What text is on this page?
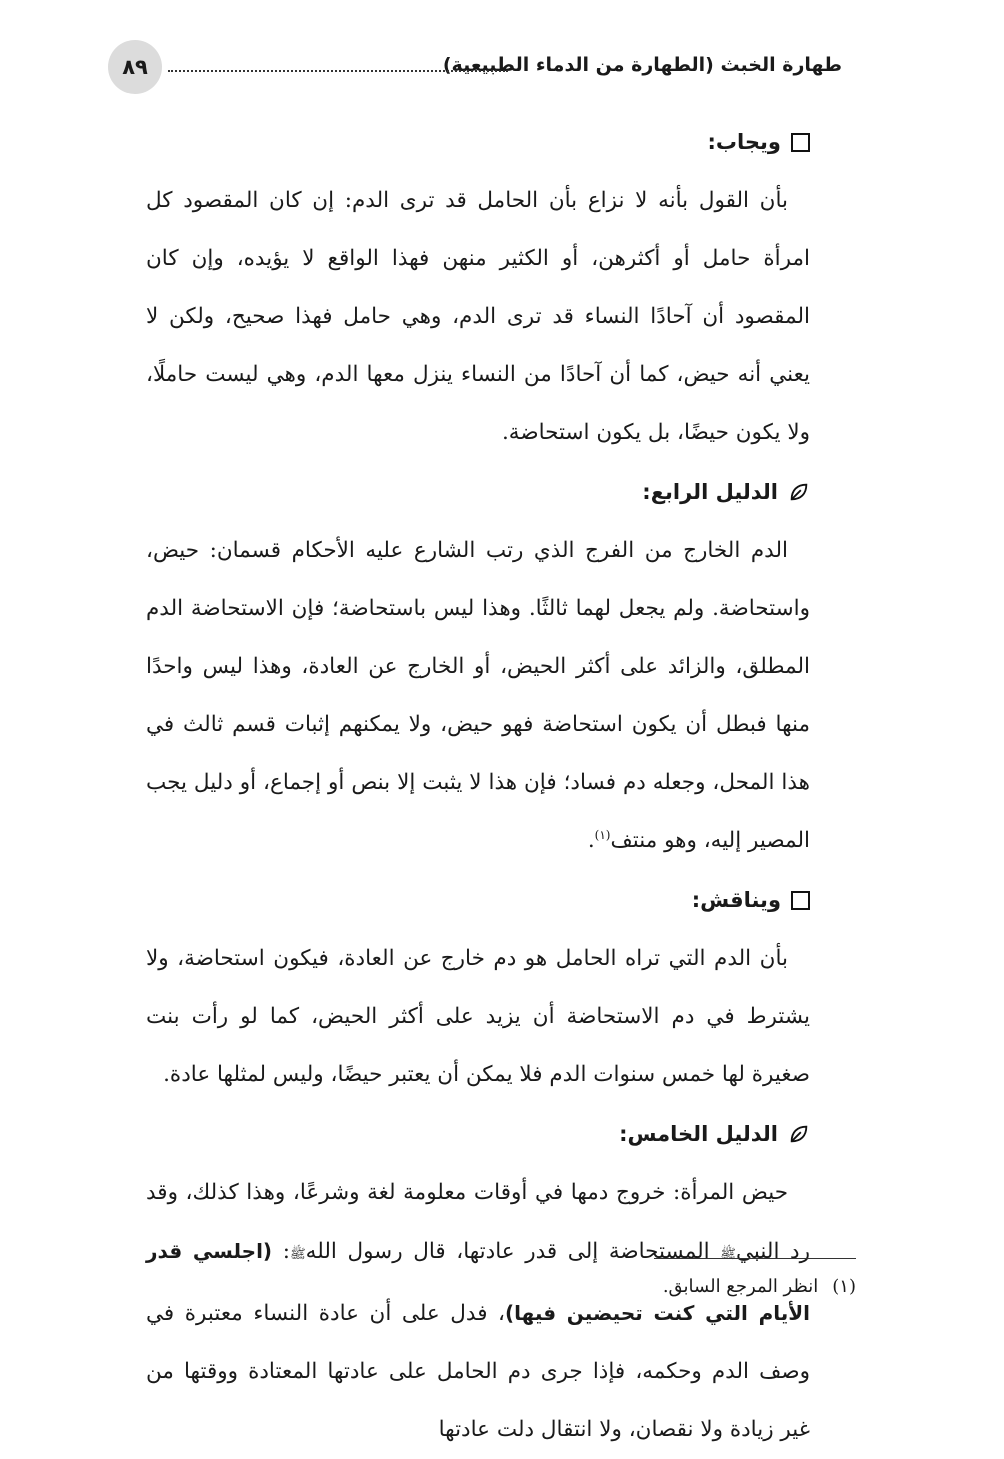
طهارة الخبث (الطهارة من الدماء الطبيعية)
٨٩
ويجاب:

بأن القول بأنه لا نزاع بأن الحامل قد ترى الدم: إن كان المقصود كل امرأة حامل أو أكثرهن، أو الكثير منهن فهذا الواقع لا يؤيده، وإن كان المقصود أن آحادًا النساء قد ترى الدم، وهي حامل فهذا صحيح، ولكن لا يعني أنه حيض، كما أن آحادًا من النساء ينزل معها الدم، وهي ليست حاملًا، ولا يكون حيضًا، بل يكون استحاضة.

الدليل الرابع:

الدم الخارج من الفرج الذي رتب الشارع عليه الأحكام قسمان: حيض، واستحاضة. ولم يجعل لهما ثالثًا. وهذا ليس باستحاضة؛ فإن الاستحاضة الدم المطلق، والزائد على أكثر الحيض، أو الخارج عن العادة، وهذا ليس واحدًا منها فبطل أن يكون استحاضة فهو حيض، ولا يمكنهم إثبات قسم ثالث في هذا المحل، وجعله دم فساد؛ فإن هذا لا يثبت إلا بنص أو إجماع، أو دليل يجب المصير إليه، وهو منتف$^{(١)}$.

ويناقش:

بأن الدم التي تراه الحامل هو دم خارج عن العادة، فيكون استحاضة، ولا يشترط في دم الاستحاضة أن يزيد على أكثر الحيض، كما لو رأت بنت صغيرة لها خمس سنوات الدم فلا يمكن أن يعتبر حيضًا، وليس لمثلها عادة.

الدليل الخامس:

حيض المرأة: خروج دمها في أوقات معلومة لغة وشرعًا، وهذا كذلك، وقد رد النبيﷺ المستحاضة إلى قدر عادتها، قال رسول اللهﷺ: (اجلسي قدر الأيام التي كنت تحيضين فيها)، فدل على أن عادة النساء معتبرة في وصف الدم وحكمه، فإذا جرى دم الحامل على عادتها المعتادة ووقتها من غير زيادة ولا نقصان، ولا انتقال دلت عادتها

(١)
انظر المرجع السابق.
